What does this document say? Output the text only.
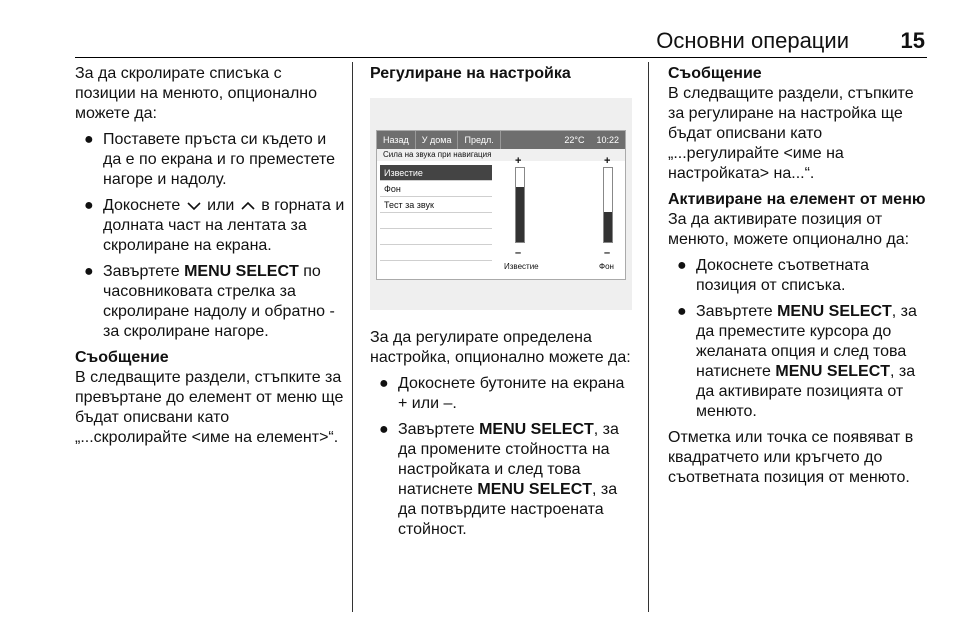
Основни операции 15

За да скролирате списъка с позиции на менюто, опционално можете да:

● Поставете пръста си където и да е по екрана и го преместете нагоре и надолу.
● Докоснете или в горната и долната част на лентата за скролиране на екрана.
● Завъртете MENU SELECT по часовниковата стрелка за скролиране надолу и обратно - за скролиране нагоре.
Съобщение

В следващите раздели, стъпките за превъртане до елемент от меню ще бъдат описвани като „...скролирайте <име на елемент>“.

Регулиране на настройка
Назад	У дома	Предл.	22°C	10:22
Сила на звука при навигация
Известие
Фон
Тест за звук
+
–
+
–
Известие	Фон

За да регулирате определена настройка, опционално можете да:

● Докоснете бутоните на екрана + или –.
● Завъртете MENU SELECT, за да промените стойността на настройката и след това натиснете MENU SELECT, за да потвърдите настроената стойност.
Съобщение

В следващите раздели, стъпките за регулиране на настройка ще бъдат описвани като „...регулирайте <име на настройката> на...“.

Активиране на елемент от меню

За да активирате позиция от менюто, можете опционално да:

● Докоснете съответната позиция от списъка.
● Завъртете MENU SELECT, за да преместите курсора до желаната опция и след това натиснете MENU SELECT, за да активирате позицията от менюто.

Отметка или точка се появяват в квадратчето или кръгчето до съответната позиция от менюто.
